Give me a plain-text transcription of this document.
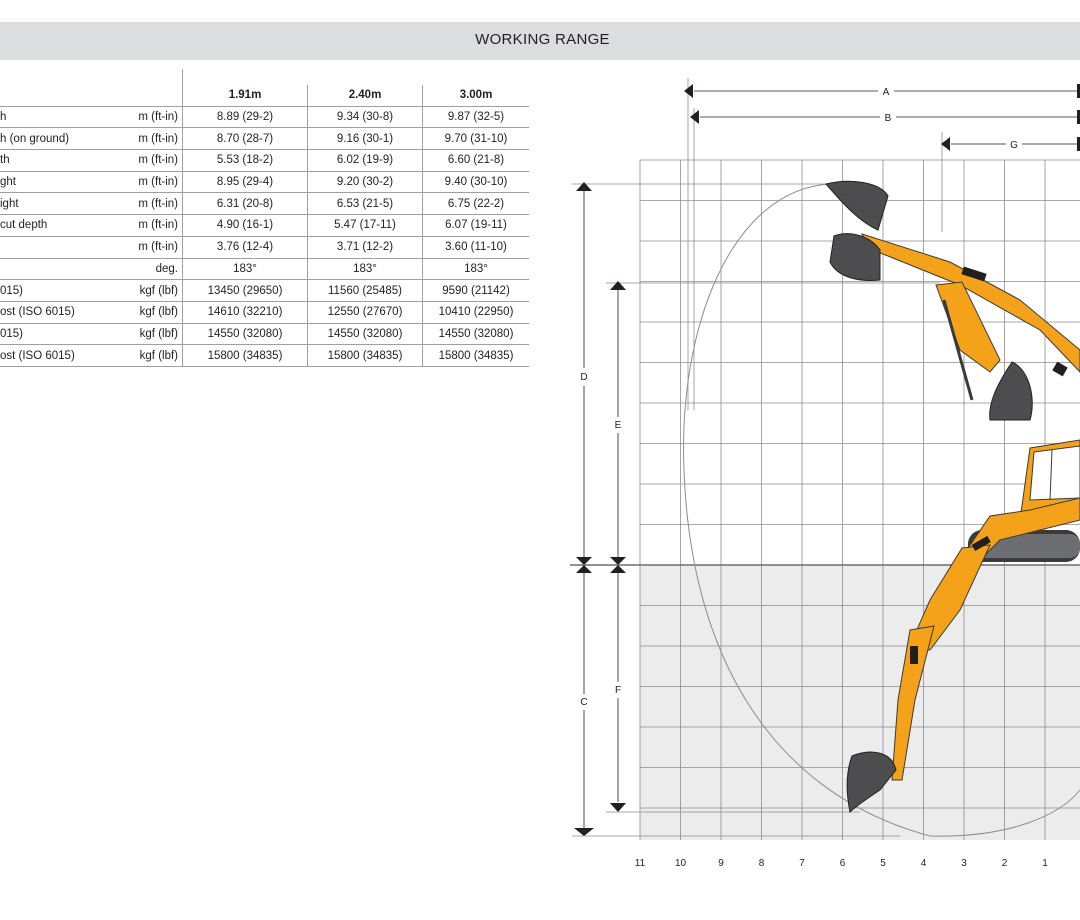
WORKING RANGE

		1.91m	2.40m	3.00m
h	m (ft-in)	8.89 (29-2)	9.34 (30-8)	9.87 (32-5)
h (on ground)	m (ft-in)	8.70 (28-7)	9.16 (30-1)	9.70 (31-10)
th	m (ft-in)	5.53 (18-2)	6.02 (19-9)	6.60 (21-8)
ght	m (ft-in)	8.95 (29-4)	9.20 (30-2)	9.40 (30-10)
ight	m (ft-in)	6.31 (20-8)	6.53 (21-5)	6.75 (22-2)
cut depth	m (ft-in)	4.90 (16-1)	5.47 (17-11)	6.07 (19-11)
	m (ft-in)	3.76 (12-4)	3.71 (12-2)	3.60 (11-10)
	deg.	183°	183°	183°
015)	kgf (lbf)	13450 (29650)	11560 (25485)	9590 (21142)
ost (ISO 6015)	kgf (lbf)	14610 (32210)	12550 (27670)	10410 (22950)
015)	kgf (lbf)	14550 (32080)	14550 (32080)	14550 (32080)
ost (ISO 6015)	kgf (lbf)	15800 (34835)	15800 (34835)	15800 (34835)
A
B
G
D
C
E
F
11	10	9	8	7	6	5	4	3	2	1
